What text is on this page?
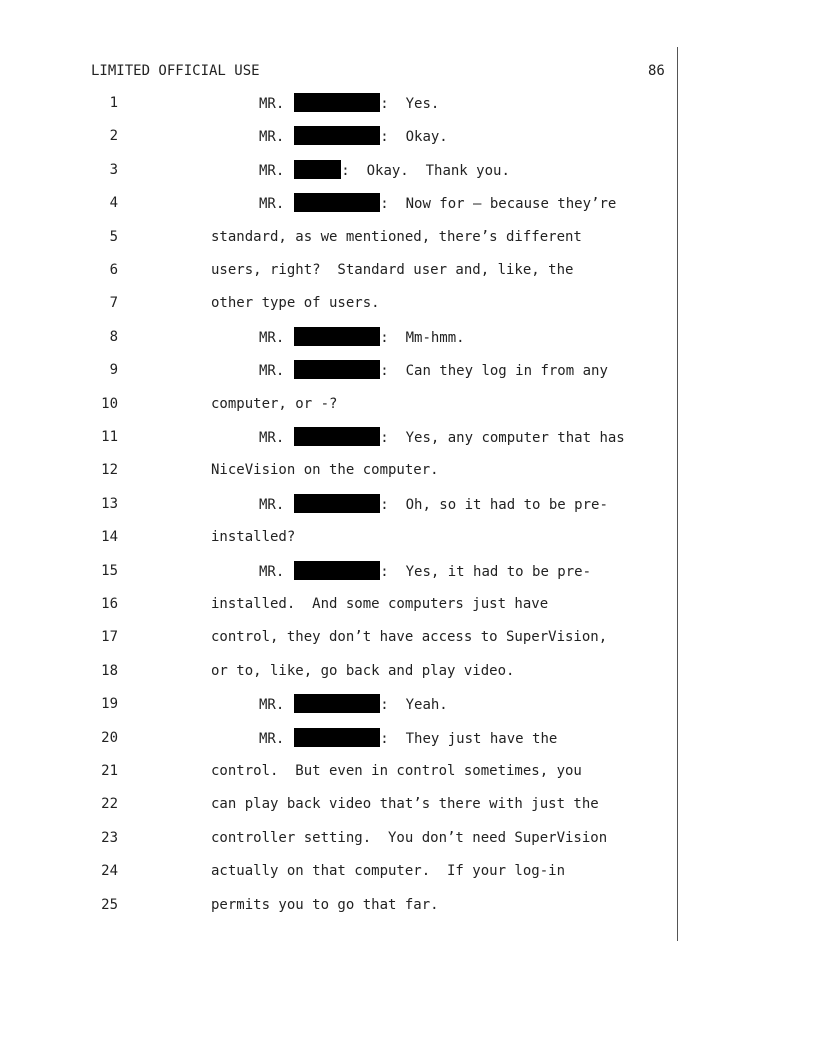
LIMITED OFFICIAL USE	86
1	MR.	:  Yes.
2	MR.	:  Okay.
3	MR.	:  Okay.  Thank you.
4	MR.	:  Now for – because they’re
5	standard, as we mentioned, there’s different
6	users, right?  Standard user and, like, the
7	other type of users.
8	MR.	:  Mm-hmm.
9	MR.	:  Can they log in from any
10	computer, or -?
11	MR.	:  Yes, any computer that has
12	NiceVision on the computer.
13	MR.	:  Oh, so it had to be pre-
14	installed?
15	MR.	:  Yes, it had to be pre-
16	installed.  And some computers just have
17	control, they don’t have access to SuperVision,
18	or to, like, go back and play video.
19	MR.	:  Yeah.
20	MR.	:  They just have the
21	control.  But even in control sometimes, you
22	can play back video that’s there with just the
23	controller setting.  You don’t need SuperVision
24	actually on that computer.  If your log-in
25	permits you to go that far.
